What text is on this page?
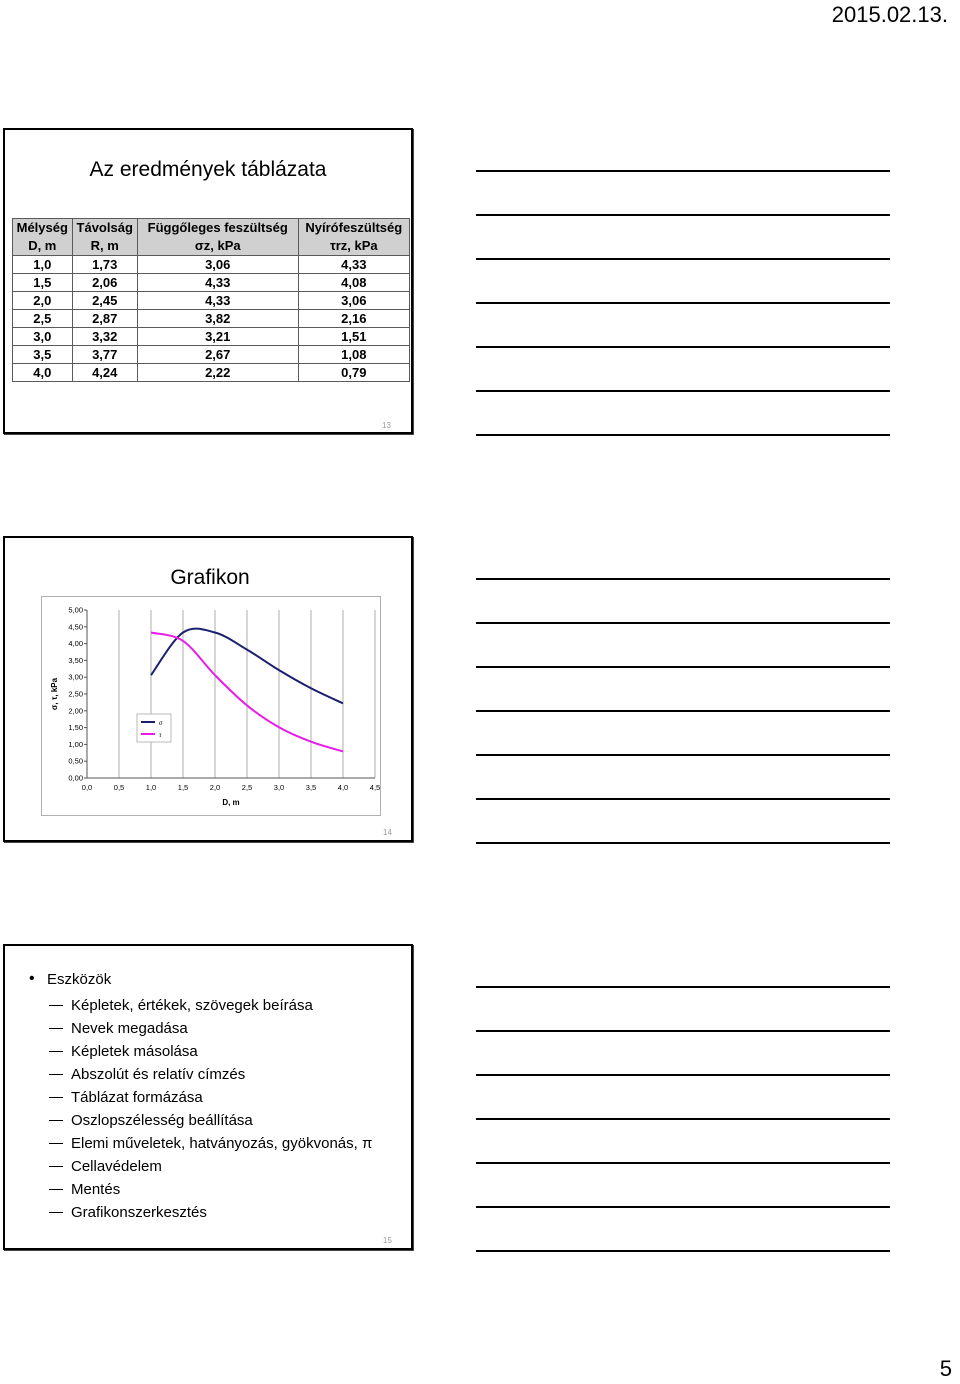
2015.02.13.
Az eredmények táblázata
Mélység	Távolság	Függőleges feszültség	Nyírófeszültség
D, m	R, m	σz, kPa	τrz, kPa
1,0	1,73	3,06	4,33
1,5	2,06	4,33	4,08
2,0	2,45	4,33	3,06
2,5	2,87	3,82	2,16
3,0	3,32	3,21	1,51
3,5	3,77	2,67	1,08
4,0	4,24	2,22	0,79
13
Grafikon
0,0	0,5	1,0	1,5	2,0	2,5	3,0	3,5	4,0	4,5
0,00
0,50
1,00
1,50
2,00
2,50
3,00
3,50
4,00
4,50
5,00
D, m
σ, τ, kPa
σ
τ
14
• Eszközök
Képletek, értékek, szövegek beírása
Nevek megadása
Képletek másolása
Abszolút és relatív címzés
Táblázat formázása
Oszlopszélesség beállítása
Elemi műveletek, hatványozás, gyökvonás, π
Cellavédelem
Mentés
Grafikonszerkesztés
15
5
